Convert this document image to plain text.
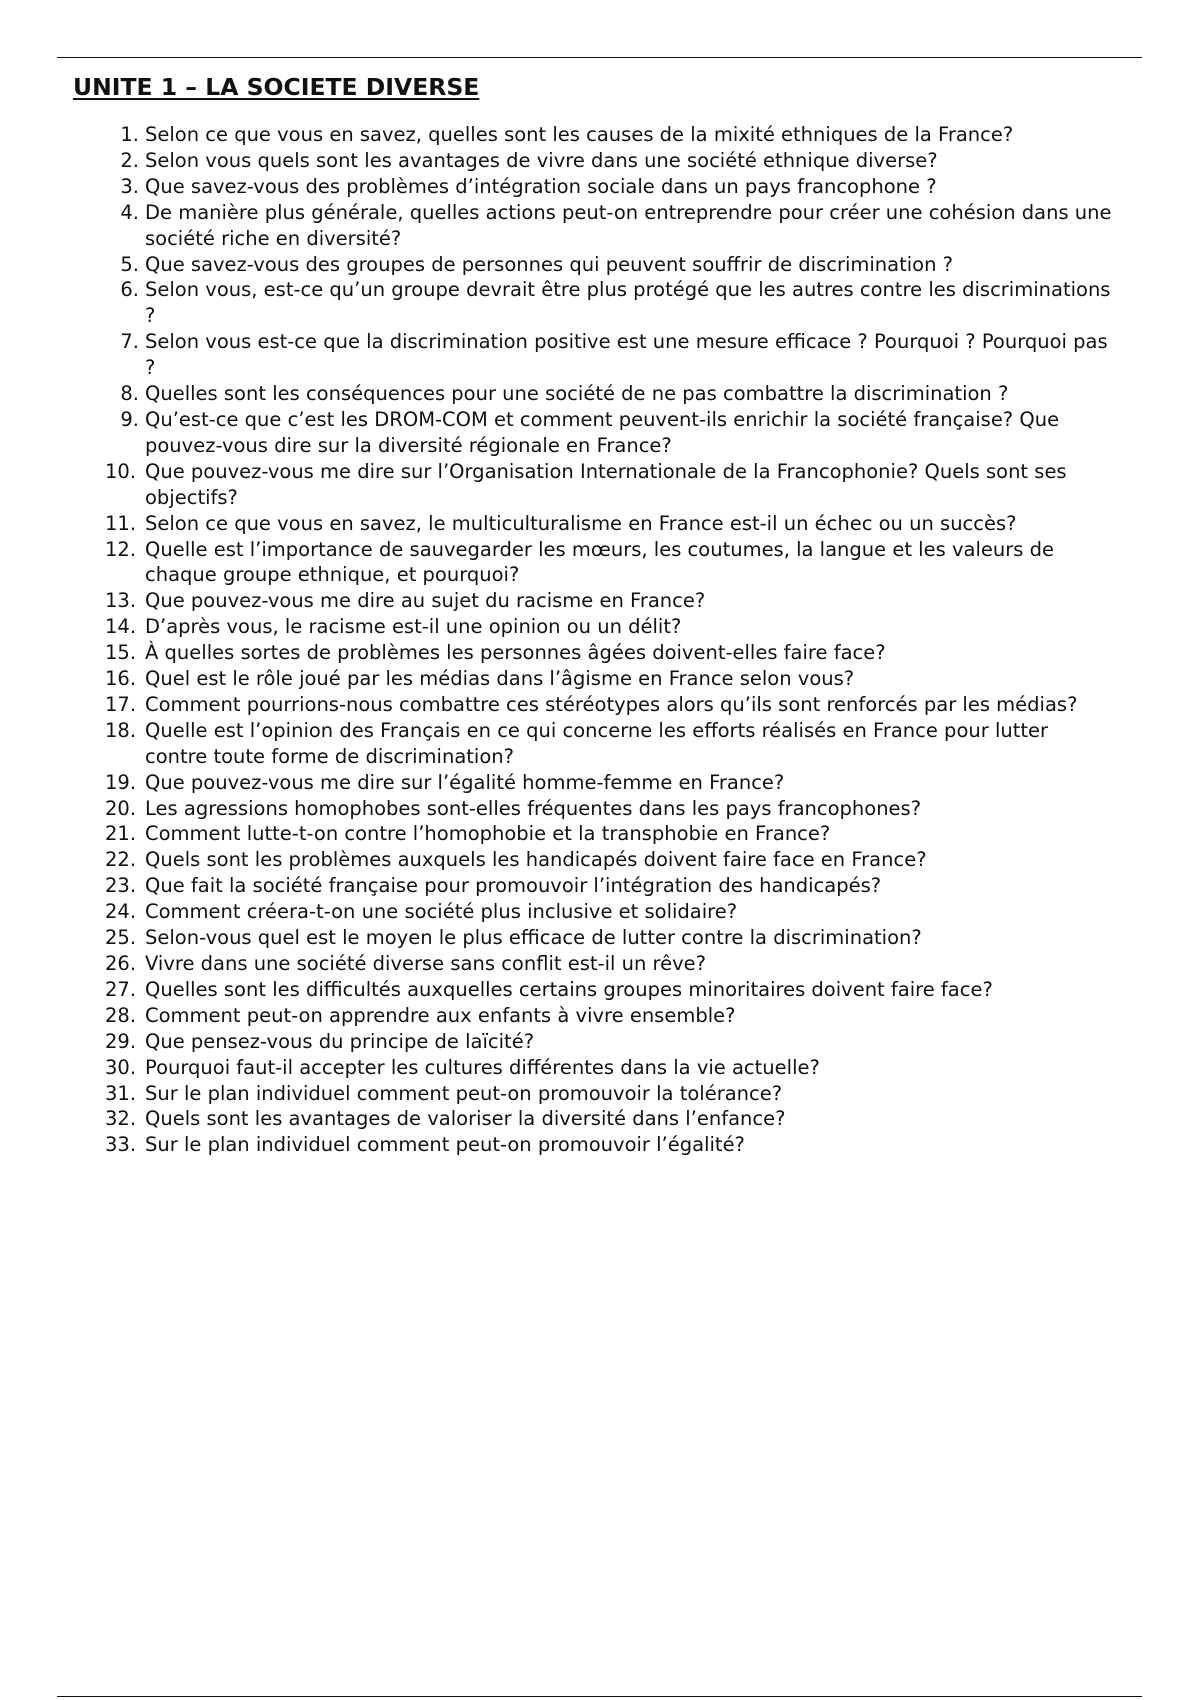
UNITE 1 – LA SOCIETE DIVERSE
1. Selon ce que vous en savez, quelles sont les causes de la mixité ethniques de la France?
2. Selon vous quels sont les avantages de vivre dans une société ethnique diverse?
3. Que savez-vous des problèmes d’intégration sociale dans un pays francophone ?
4. De manière plus générale, quelles actions peut-on entreprendre pour créer une cohésion dans une société riche en diversité?
5. Que savez-vous des groupes de personnes qui peuvent souffrir de discrimination ?
6. Selon vous, est-ce qu’un groupe devrait être plus protégé que les autres contre les discriminations ?
7. Selon vous est-ce que la discrimination positive est une mesure efficace ? Pourquoi ? Pourquoi pas ?
8. Quelles sont les conséquences pour une société de ne pas combattre la discrimination ?
9. Qu’est-ce que c’est les DROM-COM et comment peuvent-ils enrichir la société française? Que pouvez-vous dire sur la diversité régionale en France?
10. Que pouvez-vous me dire sur l’Organisation Internationale de la Francophonie? Quels sont ses objectifs?
11. Selon ce que vous en savez, le multiculturalisme en France est-il un échec ou un succès?
12. Quelle est l’importance de sauvegarder les mœurs, les coutumes, la langue et les valeurs de chaque groupe ethnique, et pourquoi?
13. Que pouvez-vous me dire au sujet du racisme en France?
14. D’après vous, le racisme est-il une opinion ou un délit?
15. À quelles sortes de problèmes les personnes âgées doivent-elles faire face?
16. Quel est le rôle joué par les médias dans l’âgisme en France selon vous?
17. Comment pourrions-nous combattre ces stéréotypes alors qu’ils sont renforcés par les médias?
18. Quelle est l’opinion des Français en ce qui concerne les efforts réalisés en France pour lutter contre toute forme de discrimination?
19. Que pouvez-vous me dire sur l’égalité homme-femme en France?
20. Les agressions homophobes sont-elles fréquentes dans les pays francophones?
21. Comment lutte-t-on contre l’homophobie et la transphobie en France?
22. Quels sont les problèmes auxquels les handicapés doivent faire face en France?
23. Que fait la société française pour promouvoir l’intégration des handicapés?
24. Comment créera-t-on une société plus inclusive et solidaire?
25. Selon-vous quel est le moyen le plus efficace de lutter contre la discrimination?
26. Vivre dans une société diverse sans conflit est-il un rêve?
27. Quelles sont les difficultés auxquelles certains groupes minoritaires doivent faire face?
28. Comment peut-on apprendre aux enfants à vivre ensemble?
29. Que pensez-vous du principe de laïcité?
30. Pourquoi faut-il accepter les cultures différentes dans la vie actuelle?
31. Sur le plan individuel comment peut-on promouvoir la tolérance?
32. Quels sont les avantages de valoriser la diversité dans l’enfance?
33. Sur le plan individuel comment peut-on promouvoir l’égalité?
